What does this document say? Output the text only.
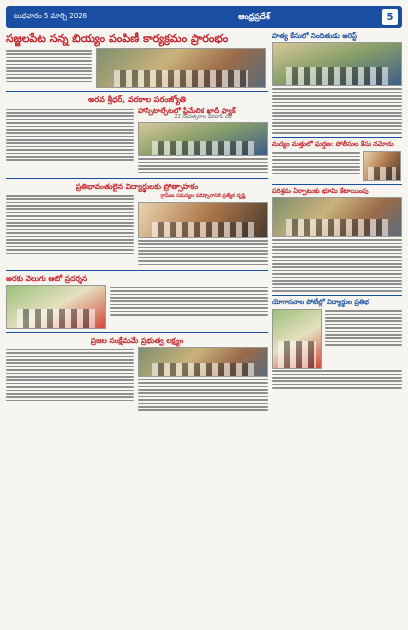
బుధవారం 5 మార్చి 2026	ఆంధ్రప్రదేశ్	5
సజ్జలపేట సన్న బియ్యం పంపిణీ కార్యక్రమం ప్రారంభం
అరవ శ్రీధర్, వరకాల పరంజ్యోతి
హాస్పిటాల్పేటలో ఫ్రీమేలిక ఖాదీ ఫ్యాక్
22 సంవత్సరాల దేవదాసీ చెరి
ప్రతిభావంతులైన విద్యార్థులకు ప్రోత్సాహకం
గ్రామీణ సమస్యల పరిష్కారానికి ప్రత్యేక దృష్టి
అరకు వెలుగు ఆటో ప్రదర్శన
ప్రజల సంక్షేమమే ప్రభుత్వ లక్ష్యం
హత్య కేసులో నిందితుడు అరెస్ట్
మద్యం మత్తులో ఘర్షణ: పోలీసుల కేసు నమోదు
పరిశ్రమ ఏర్పాటుకు భూమి కేటాయింపు
యోగాసనాల పోటీల్లో విద్యార్థుల ప్రతిభ
